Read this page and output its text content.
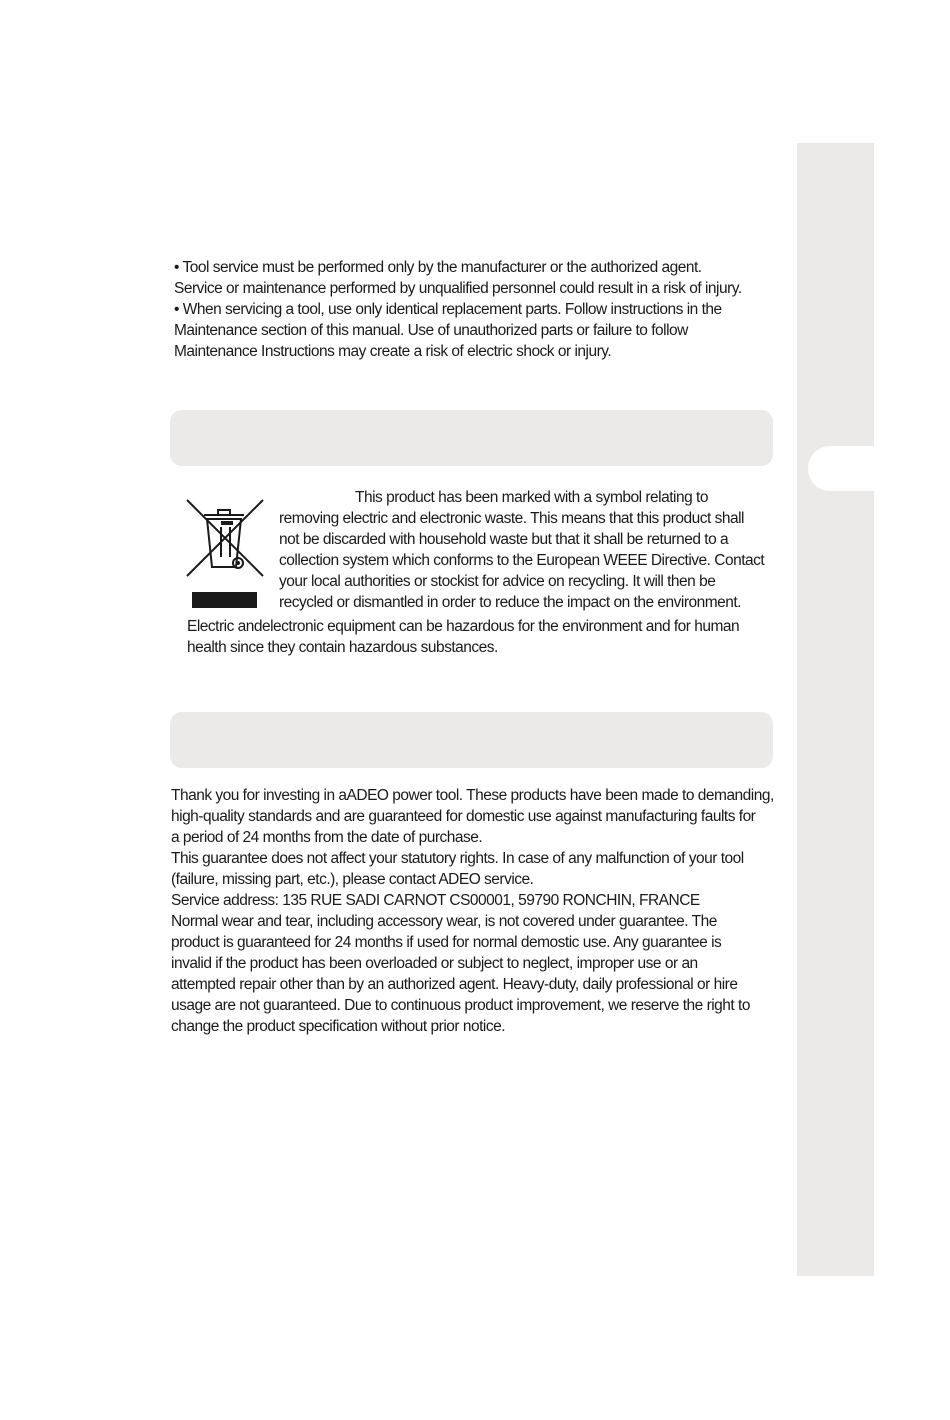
• Tool service must be performed only by the manufacturer or the authorized agent.

Service or maintenance performed by unqualified personnel could result in a risk of injury.

• When servicing a tool, use only identical replacement parts. Follow instructions in the

Maintenance section of this manual. Use of unauthorized parts or failure to follow

Maintenance Instructions may create a risk of electric shock or injury.

This product has been marked with a symbol relating to

removing electric and electronic waste. This means that this product shall

not be discarded with household waste but that it shall be returned to a

collection system which conforms to the European WEEE Directive. Contact

your local authorities or stockist for advice on recycling. It will then be

recycled or dismantled in order to reduce the impact on the environment.

Electric andelectronic equipment can be hazardous for the environment and for human

health since they contain hazardous substances.

Thank you for investing in aADEO power tool. These products have been made to demanding,

high-quality standards and are guaranteed for domestic use against manufacturing faults for

a period of 24 months from the date of purchase.

This guarantee does not affect your statutory rights. In case of any malfunction of your tool

(failure, missing part, etc.), please contact ADEO service.

Service address: 135 RUE SADI CARNOT CS00001, 59790 RONCHIN, FRANCE

Normal wear and tear, including accessory wear, is not covered under guarantee. The

product is guaranteed for 24 months if used for normal demostic use. Any guarantee is

invalid if the product has been overloaded or subject to neglect, improper use or an

attempted repair other than by an authorized agent. Heavy-duty, daily professional or hire

usage are not guaranteed. Due to continuous product improvement, we reserve the right to

change the product specification without prior notice.
